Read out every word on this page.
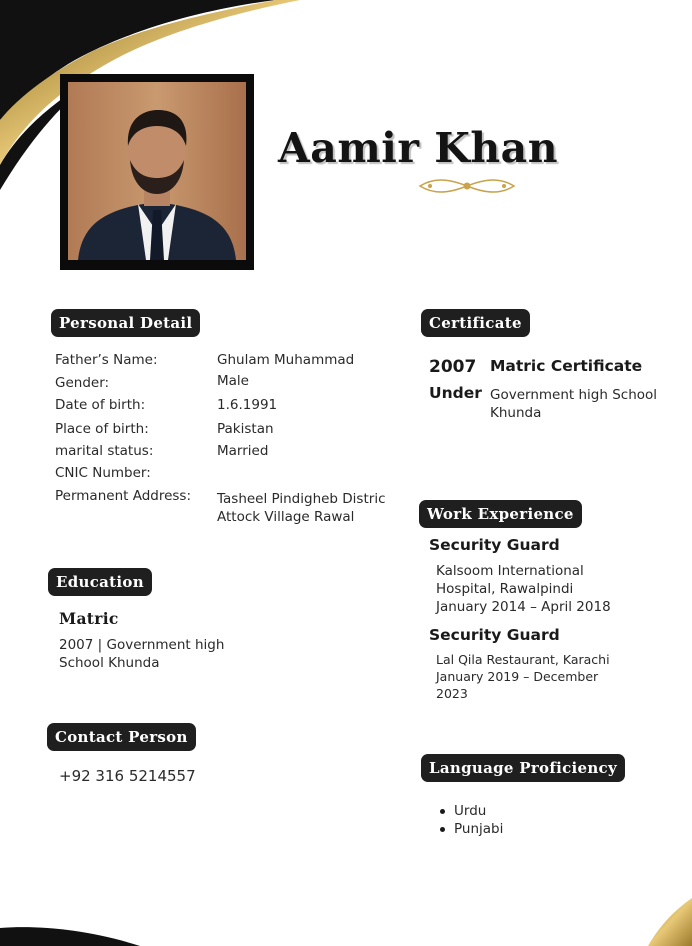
Aamir Khan
Personal Detail	Certificate
Education
Work Experience
Contact Person
Language Proficiency
Father’s Name:	Ghulam Muhammad
Gender:	Male
Date of birth:	1.6.1991
Place of birth:	Pakistan
marital status:	Married
CNIC Number:
Permanent Address: Tasheel Pindigheb Distric
Attock Village Rawal
2007 Matric Certificate
Under Government high School
Khunda
Matric
2007 | Government high
School Khunda
+92 316 5214557
Security Guard
Kalsoom International
Hospital, Rawalpindi
January 2014 – April 2018
Security Guard
Lal Qila Restaurant, Karachi
January 2019 – December
2023
Urdu
Punjabi
